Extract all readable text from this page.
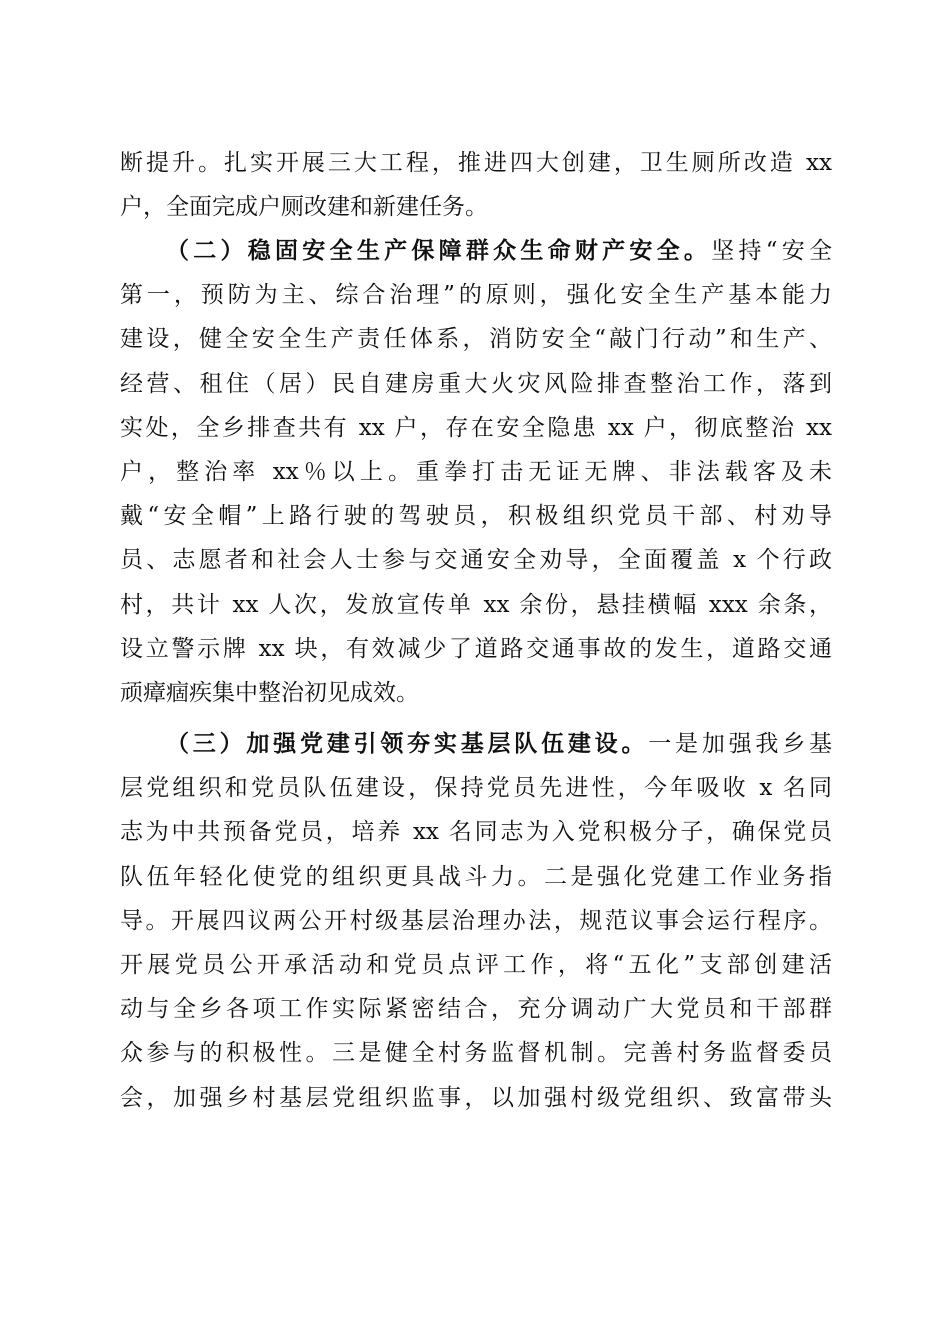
断提升。扎实开展三大工程，推进四大创建，卫生厕所改造 xx
户，全面完成户厕改建和新建任务。
（二）稳固安全生产保障群众生命财产安全。坚持“安全
第一，预防为主、综合治理”的原则，强化安全生产基本能力
建设，健全安全生产责任体系，消防安全“敲门行动”和生产、
经营、租住（居）民自建房重大火灾风险排查整治工作，落到
实处，全乡排查共有 xx 户，存在安全隐患 xx 户，彻底整治 xx
户，整治率 xx％以上。重拳打击无证无牌、非法载客及未
戴“安全帽”上路行驶的驾驶员，积极组织党员干部、村劝导
员、志愿者和社会人士参与交通安全劝导，全面覆盖 x 个行政
村，共计 xx 人次，发放宣传单 xx 余份，悬挂横幅 xxx 余条，
设立警示牌 xx 块，有效减少了道路交通事故的发生，道路交通
顽瘴痼疾集中整治初见成效。
（三）加强党建引领夯实基层队伍建设。一是加强我乡基
层党组织和党员队伍建设，保持党员先进性，今年吸收 x 名同
志为中共预备党员，培养 xx 名同志为入党积极分子，确保党员
队伍年轻化使党的组织更具战斗力。二是强化党建工作业务指
导。开展四议两公开村级基层治理办法，规范议事会运行程序。
开展党员公开承活动和党员点评工作，将“五化”支部创建活
动与全乡各项工作实际紧密结合，充分调动广大党员和干部群
众参与的积极性。三是健全村务监督机制。完善村务监督委员
会，加强乡村基层党组织监事，以加强村级党组织、致富带头
